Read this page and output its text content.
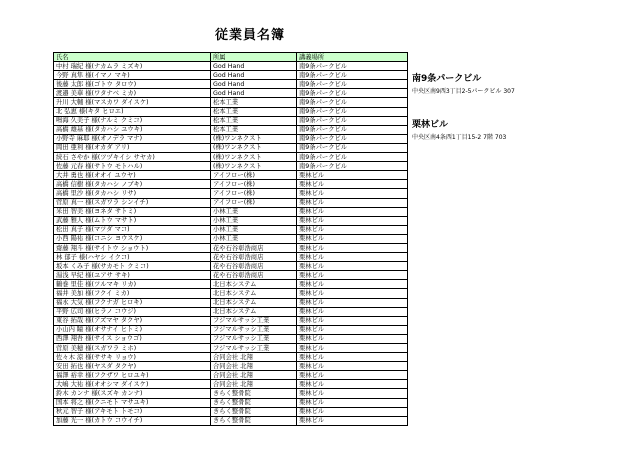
従業員名簿
氏名	所属	講義場所
中村 瑞紀 様(ナカムラ ミズキ)	God Hand	南9条パークビル
今野 真隼 様(イマノ マキ)	God Hand	南9条パークビル
後藤 太郎 様(ゴトウ タロウ)	God Hand	南9条パークビル
渡邉 美華 様(ワタナベ ミカ)	God Hand	南9条パークビル
升川 大輔 様(マスカワ ダイスケ)	松本工業	南9条パークビル
北 弘恵 様(キタ ヒロエ)	松本工業	南9条パークビル
鳴海 久美子 様(ナルミ クミコ)	松本工業	南9条パークビル
高橋 雄基 様(タカハシ ユウキ)	松本工業	南9条パークビル
小野寺 麻耶 様(オノデラ マナ)	(株)ワンネクスト	南9条パークビル
岡田 亜利 様(オカダ アリ)	(株)ワンネクスト	南9条パークビル
続石 さやか 様(ツヅキイシ サヤカ)	(株)ワンネクスト	南9条パークビル
佐藤 元春 様(サトウ モトハル)	(株)ワンネクスト	南9条パークビル
大井 勇也 様(オオイ ユウヤ)	アイフロー(株)	栗林ビル
高橋 信樹 様(タカハシ ノブキ)	アイフロー(株)	栗林ビル
高橋 里沙 様(タカハシ リサ)	アイフロー(株)	栗林ビル
菅原 真一 様(スガワラ シンイチ)	アイフロー(株)	栗林ビル
米田 智美 様(ヨネタ サトミ)	小林工業	栗林ビル
武藤 雅人 様(ムトウ マサト)	小林工業	栗林ビル
松田 真子 様(マツダ マコ)	小林工業	栗林ビル
小西 陽祐 様(コニシ ヨウスケ)	小林工業	栗林ビル
齋藤 翔斗 様(サイトウ ショウト)	花や石谷彰浩商店	栗林ビル
林 郁子 様(ハヤシ イクコ)	花や石谷彰浩商店	栗林ビル
坂本 くみ子 様(サカモト クミコ)	花や石谷彰浩商店	栗林ビル
湯浅 早紀 様(ユアサ サキ)	花や石谷彰浩商店	栗林ビル
鶴巻 里佳 様(ツルマキ リカ)	北日本システム	栗林ビル
福井 美加 様(フクイ ミカ)	北日本システム	栗林ビル
福永 大気 様(フクナガ ヒロキ)	北日本システム	栗林ビル
平野 広司 様(ヒラノ コウジ)	北日本システム	栗林ビル
東谷 拓哉 様(アズマヤ タクヤ)	フジマルサッシ工業	栗林ビル
小山内 瞳 様(オサナイ ヒトミ)	フジマルサッシ工業	栗林ビル
西澤 翔吾 様(サイス ショウゴ)	フジマルサッシ工業	栗林ビル
菅原 美穂 様(スガワラ ミホ)	フジマルサッシ工業	栗林ビル
佐々木 涼 様(ササキ リョウ)	合同会社 北翔	栗林ビル
安田 拓也 様(ヤスダ タクヤ)	合同会社 北翔	栗林ビル
福澤 裕幸 様(フクザワ ヒロユキ)	合同会社 北翔	栗林ビル
大嶋 大祐 様(オオシマ ダイスケ)	合同会社 北翔	栗林ビル
鈴木 カンナ 様(スズキ カンナ)	きらく整骨院	栗林ビル
国本 将之 様(クニモト マサユキ)	きらく整骨院	栗林ビル
秋元 智子 様(アキモト トモコ)	きらく整骨院	栗林ビル
加藤 光一 様(カトウ コウイチ)	きらく整骨院	栗林ビル
南9条パークビル
中央区南9西3丁目2-5パークビル 307
栗林ビル
中央区南4条西1丁目15-2 7階 703
